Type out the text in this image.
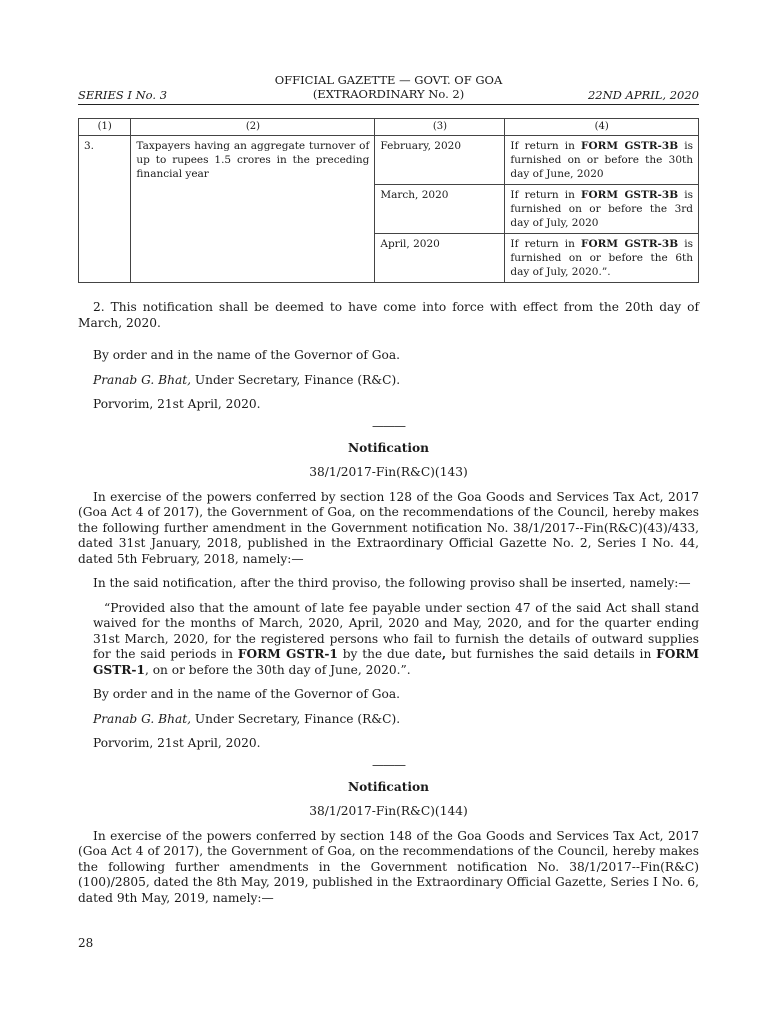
OFFICIAL GAZETTE — GOVT. OF GOA
(EXTRAORDINARY No. 2)
SERIES I No. 3	22ND APRIL, 2020
(1)	(2)	(3)	(4)
3.	Taxpayers having an aggregate turnover of up to rupees 1.5 crores in the preceding financial year	February, 2020	If return in FORM GSTR-3B is furnished on or before the 30th day of June, 2020
		March, 2020	If return in FORM GSTR-3B is furnished on or before the 3rd day of July, 2020
		April, 2020	If return in FORM GSTR-3B is furnished on or before the 6th day of July, 2020.”.

2. This notification shall be deemed to have come into force with effect from the 20th day of March, 2020.

By order and in the name of the Governor of Goa.

Pranab G. Bhat, Under Secretary, Finance (R&C).

Porvorim, 21st April, 2020.

———

Notification

38/1/2017-Fin(R&C)(143)

In exercise of the powers conferred by section 128 of the Goa Goods and Services Tax Act, 2017 (Goa Act 4 of 2017), the Government of Goa, on the recommendations of the Council, hereby makes the following further amendment in the Government notification No. 38/1/2017--Fin(R&C)(43)/433, dated 31st January, 2018, published in the Extraordinary Official Gazette No. 2, Series I No. 44, dated 5th February, 2018, namely:—

In the said notification, after the third proviso, the following proviso shall be inserted, namely:—

“Provided also that the amount of late fee payable under section 47 of the said Act shall stand waived for the months of March, 2020, April, 2020 and May, 2020, and for the quarter ending 31st March, 2020, for the registered persons who fail to furnish the details of outward supplies for the said periods in FORM GSTR-1 by the due date, but furnishes the said details in FORM GSTR-1, on or before the 30th day of June, 2020.”.

By order and in the name of the Governor of Goa.

Pranab G. Bhat, Under Secretary, Finance (R&C).

Porvorim, 21st April, 2020.

———

Notification

38/1/2017-Fin(R&C)(144)

In exercise of the powers conferred by section 148 of the Goa Goods and Services Tax Act, 2017 (Goa Act 4 of 2017), the Government of Goa, on the recommendations of the Council, hereby makes the following further amendments in the Government notification No. 38/1/2017--Fin(R&C)(100)/2805, dated the 8th May, 2019, published in the Extraordinary Official Gazette, Series I No. 6, dated 9th May, 2019, namely:—

28
